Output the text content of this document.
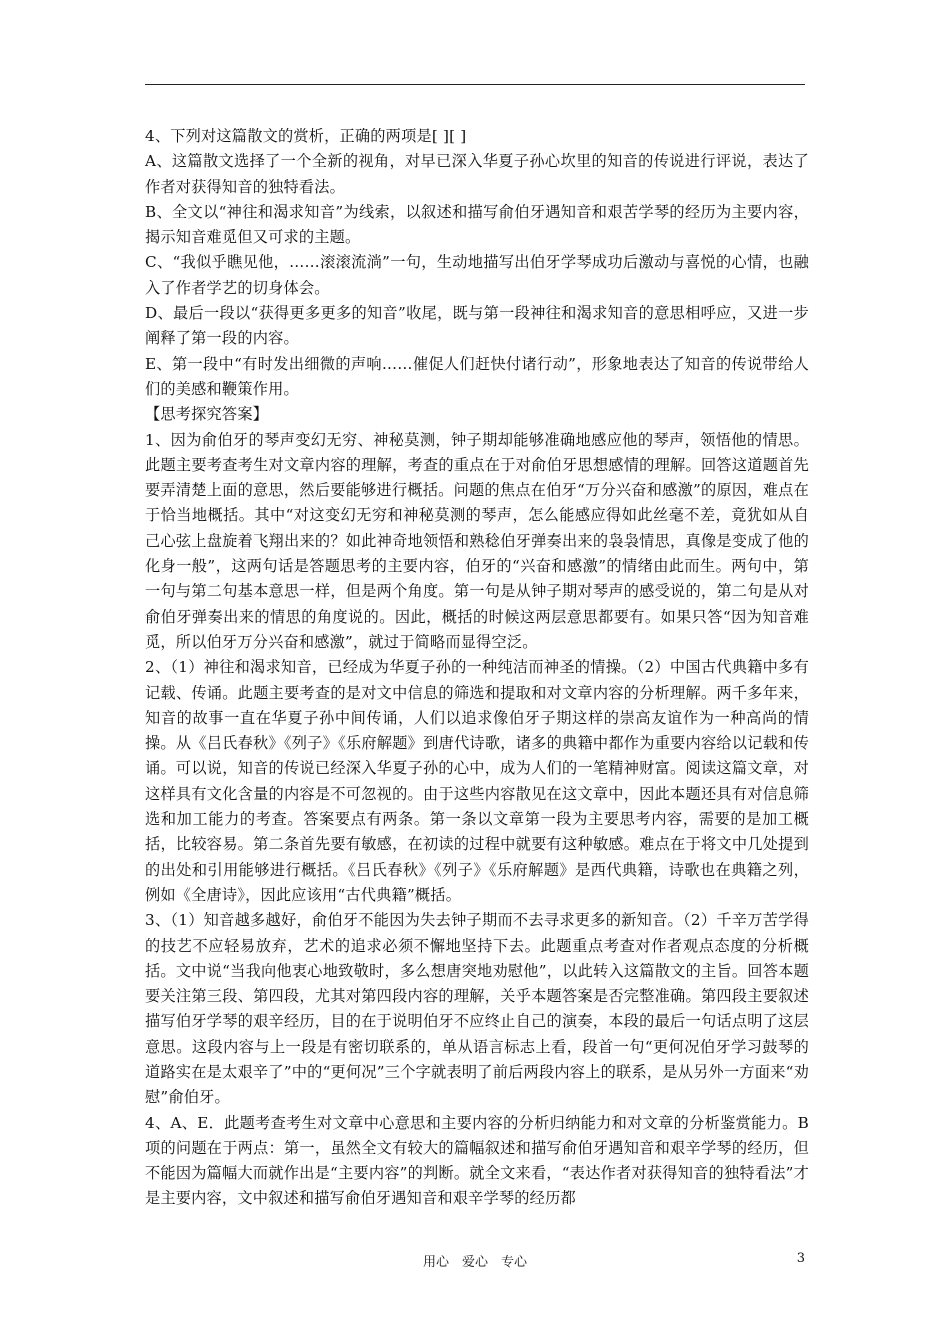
4、下列对这篇散文的赏析，正确的两项是[ ][ ]

A、这篇散文选择了一个全新的视角，对早已深入华夏子孙心坎里的知音的传说进行评说，表达了作者对获得知音的独特看法。

B、全文以“神往和渴求知音”为线索，以叙述和描写俞伯牙遇知音和艰苦学琴的经历为主要内容，揭示知音难觅但又可求的主题。

C、“我似乎瞧见他，……滚滚流淌”一句，生动地描写出伯牙学琴成功后激动与喜悦的心情，也融入了作者学艺的切身体会。

D、最后一段以“获得更多更多的知音”收尾，既与第一段神往和渴求知音的意思相呼应，又进一步阐释了第一段的内容。

E、第一段中“有时发出细微的声响……催促人们赶快付诸行动”，形象地表达了知音的传说带给人们的美感和鞭策作用。

【思考探究答案】

1、因为俞伯牙的琴声变幻无穷、神秘莫测，钟子期却能够准确地感应他的琴声，领悟他的情思。此题主要考查考生对文章内容的理解，考查的重点在于对俞伯牙思想感情的理解。回答这道题首先要弄清楚上面的意思，然后要能够进行概括。问题的焦点在伯牙“万分兴奋和感激”的原因，难点在于恰当地概括。其中“对这变幻无穷和神秘莫测的琴声，怎么能感应得如此丝毫不差，竟犹如从自己心弦上盘旋着飞翔出来的？如此神奇地领悟和熟稔伯牙弹奏出来的袅袅情思，真像是变成了他的化身一般”，这两句话是答题思考的主要内容，伯牙的“兴奋和感激”的情绪由此而生。两句中，第一句与第二句基本意思一样，但是两个角度。第一句是从钟子期对琴声的感受说的，第二句是从对俞伯牙弹奏出来的情思的角度说的。因此，概括的时候这两层意思都要有。如果只答“因为知音难觅，所以伯牙万分兴奋和感激”，就过于简略而显得空泛。

2、（1）神往和渴求知音，已经成为华夏子孙的一种纯洁而神圣的情操。（2）中国古代典籍中多有记载、传诵。此题主要考查的是对文中信息的筛选和提取和对文章内容的分析理解。两千多年来，知音的故事一直在华夏子孙中间传诵，人们以追求像伯牙子期这样的崇高友谊作为一种高尚的情操。从《吕氏春秋》《列子》《乐府解题》到唐代诗歌，诸多的典籍中都作为重要内容给以记载和传诵。可以说，知音的传说已经深入华夏子孙的心中，成为人们的一笔精神财富。阅读这篇文章，对这样具有文化含量的内容是不可忽视的。由于这些内容散见在这文章中，因此本题还具有对信息筛选和加工能力的考查。答案要点有两条。第一条以文章第一段为主要思考内容，需要的是加工概括，比较容易。第二条首先要有敏感，在初读的过程中就要有这种敏感。难点在于将文中几处提到的出处和引用能够进行概括。《吕氏春秋》《列子》《乐府解题》是西代典籍，诗歌也在典籍之列，例如《全唐诗》，因此应该用“古代典籍”概括。

3、（1）知音越多越好，俞伯牙不能因为失去钟子期而不去寻求更多的新知音。（2）千辛万苦学得的技艺不应轻易放弃，艺术的追求必须不懈地坚持下去。此题重点考查对作者观点态度的分析概括。文中说“当我向他衷心地致敬时，多么想唐突地劝慰他”，以此转入这篇散文的主旨。回答本题要关注第三段、第四段，尤其对第四段内容的理解，关乎本题答案是否完整准确。第四段主要叙述描写伯牙学琴的艰辛经历，目的在于说明伯牙不应终止自己的演奏，本段的最后一句话点明了这层意思。这段内容与上一段是有密切联系的，单从语言标志上看，段首一句“更何况伯牙学习鼓琴的道路实在是太艰辛了”中的“更何况”三个字就表明了前后两段内容上的联系，是从另外一方面来“劝慰”俞伯牙。

4、A、E．此题考查考生对文章中心意思和主要内容的分析归纳能力和对文章的分析鉴赏能力。B项的问题在于两点：第一，虽然全文有较大的篇幅叙述和描写俞伯牙遇知音和艰辛学琴的经历，但不能因为篇幅大而就作出是“主要内容”的判断。就全文来看，“表达作者对获得知音的独特看法”才是主要内容，文中叙述和描写俞伯牙遇知音和艰辛学琴的经历都

用心　爱心　专心	3
